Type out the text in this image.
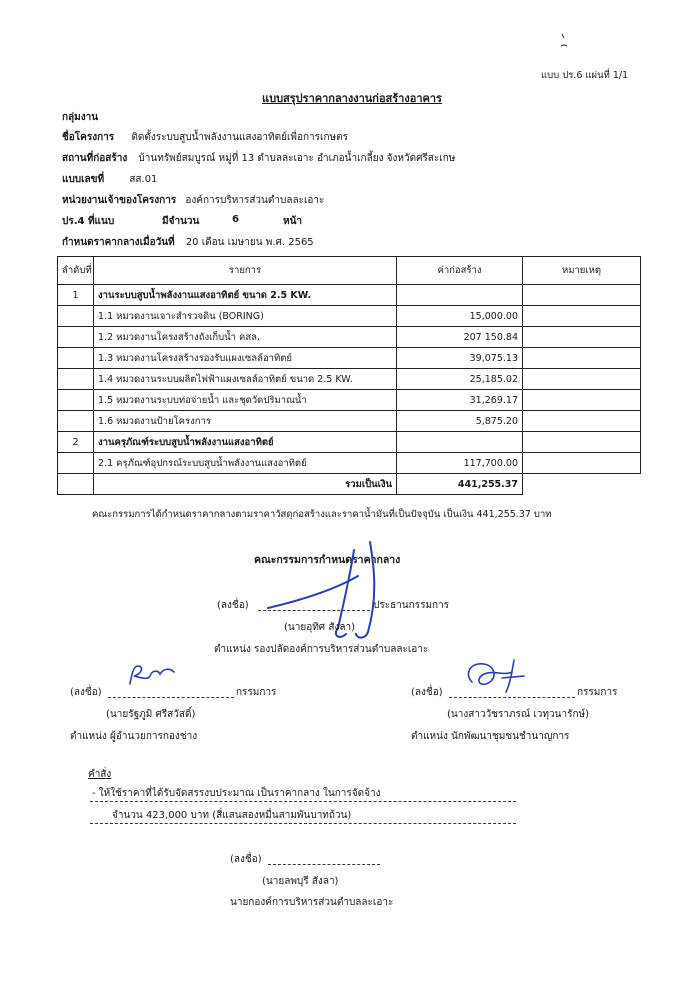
แบบ ปร.6 แผ่นที่ 1/1
แบบสรุปราคากลางงานก่อสร้างอาคาร
กลุ่มงาน
ชื่อโครงการ ติดตั้งระบบสูบน้ำพลังงานแสงอาทิตย์เพื่อการเกษตร
สถานที่ก่อสร้าง บ้านทรัพย์สมบูรณ์ หมู่ที่ 13 ตำบลละเอาะ อำเภอน้ำเกลี้ยง จังหวัดศรีสะเกษ
แบบเลขที่	สส.01
หน่วยงานเจ้าของโครงการ องค์การบริหารส่วนตำบลละเอาะ
ปร.4 ที่แนบ	มีจำนวน	6	หน้า
กำหนดราคากลางเมื่อวันที่ 20 เดือน เมษายน พ.ศ. 2565
ลำดับที่	รายการ	ค่าก่อสร้าง	หมายเหตุ
1	งานระบบสูบน้ำพลังงานแสงอาทิตย์ ขนาด 2.5 KW.		
	1.1 หมวดงานเจาะสำรวจดิน (BORING)	15,000.00	
	1.2 หมวดงานโครงสร้างถังเก็บน้ำ คสล.	207 150.84	
	1.3 หมวดงานโครงสร้างรองรับแผงเซลล์อาทิตย์	39,075.13	
	1.4 หมวดงานระบบผลิตไฟฟ้าแผงเซลล์อาทิตย์ ขนาด 2.5 KW.	25,185.02	
	1.5 หมวดงานระบบท่อจ่ายน้ำ และชุดวัดปริมาณน้ำ	31,269.17	
	1.6 หมวดงานป้ายโครงการ	5,875.20	
2	งานครุภัณฑ์ระบบสูบน้ำพลังงานแสงอาทิตย์		
	2.1 ครุภัณฑ์อุปกรณ์ระบบสูบน้ำพลังงานแสงอาทิตย์	117,700.00	
	รวมเป็นเงิน	441,255.37	
คณะกรรมการได้กำหนดราคากลางตามราคาวัสดุก่อสร้างและราคาน้ำมันที่เป็นปัจจุบัน เป็นเงิน 441,255.37 บาท
คณะกรรมการกำหนดราคากลาง
(ลงชื่อ)	ประธานกรรมการ
(นายอุทิศ สังลา)
ตำแหน่ง รองปลัดองค์การบริหารส่วนตำบลละเอาะ
(ลงชื่อ)	กรรมการ
(นายรัฐภูมิ ศรีสวัสดิ์)
ตำแหน่ง ผู้อำนวยการกองช่าง
(ลงชื่อ)	กรรมการ
(นางสาววัชราภรณ์ เวทุวนารักษ์)
ตำแหน่ง นักพัฒนาชุมชนชำนาญการ
คำสั่ง
- ให้ใช้ราคาที่ได้รับจัดสรรงบประมาณ เป็นราคากลาง ในการจัดจ้าง
จำนวน 423,000 บาท (สี่แสนสองหมื่นสามพันบาทถ้วน)
(ลงชื่อ)
(นายลพบุรี สังลา)
นายกองค์การบริหารส่วนตำบลละเอาะ
